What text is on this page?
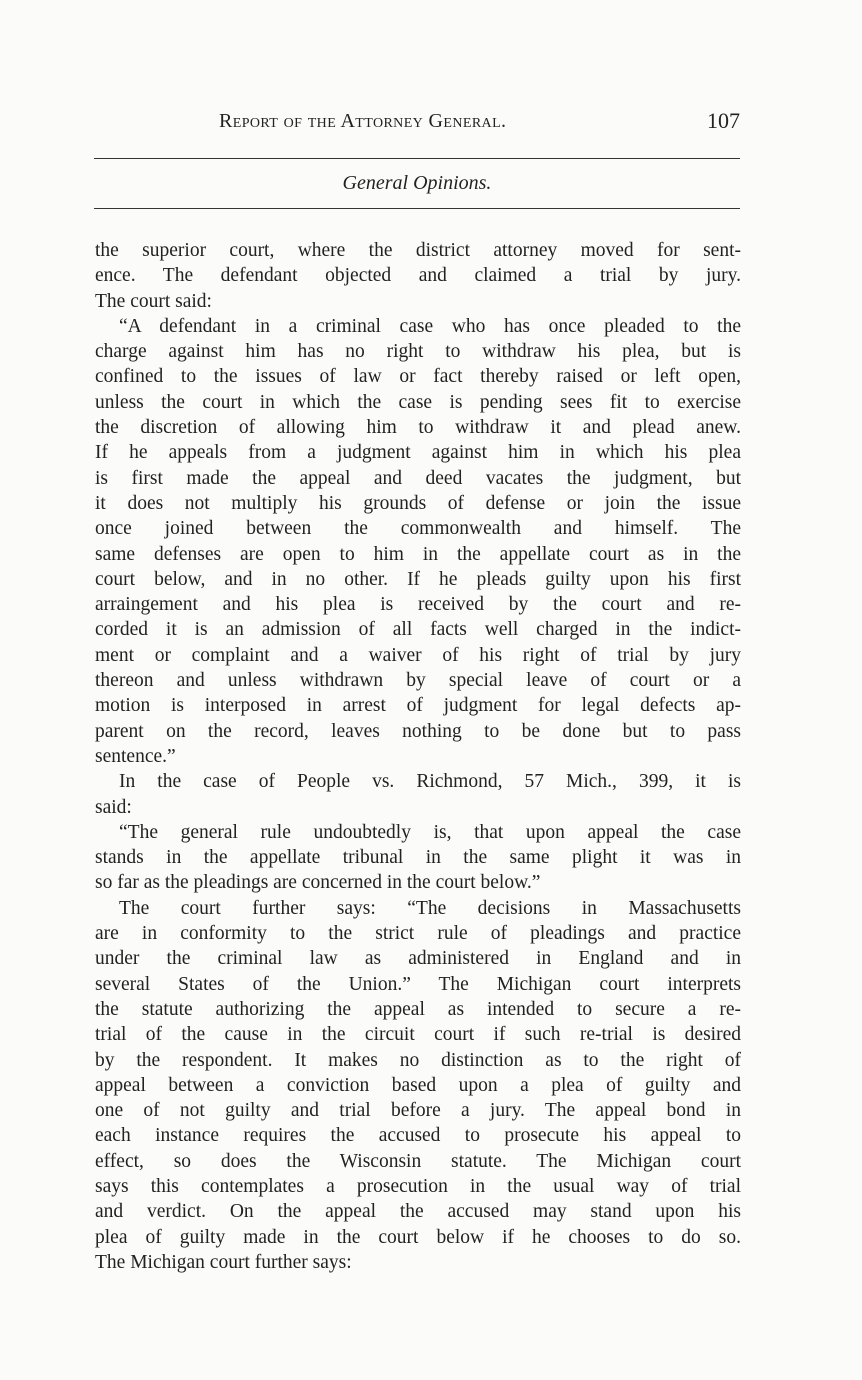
Report of the Attorney General.	107
General Opinions.
the superior court, where the district attorney moved for sent-
ence. The defendant objected and claimed a trial by jury.
The court said:
“A defendant in a criminal case who has once pleaded to the
charge against him has no right to withdraw his plea, but is
confined to the issues of law or fact thereby raised or left open,
unless the court in which the case is pending sees fit to exercise
the discretion of allowing him to withdraw it and plead anew.
If he appeals from a judgment against him in which his plea
is first made the appeal and deed vacates the judgment, but
it does not multiply his grounds of defense or join the issue
once joined between the commonwealth and himself. The
same defenses are open to him in the appellate court as in the
court below, and in no other. If he pleads guilty upon his first
arraingement and his plea is received by the court and re-
corded it is an admission of all facts well charged in the indict-
ment or complaint and a waiver of his right of trial by jury
thereon and unless withdrawn by special leave of court or a
motion is interposed in arrest of judgment for legal defects ap-
parent on the record, leaves nothing to be done but to pass
sentence.”
In the case of People vs. Richmond, 57 Mich., 399, it is
said:
“The general rule undoubtedly is, that upon appeal the case
stands in the appellate tribunal in the same plight it was in
so far as the pleadings are concerned in the court below.”
The court further says: “The decisions in Massachusetts
are in conformity to the strict rule of pleadings and practice
under the criminal law as administered in England and in
several States of the Union.” The Michigan court interprets
the statute authorizing the appeal as intended to secure a re-
trial of the cause in the circuit court if such re-trial is desired
by the respondent. It makes no distinction as to the right of
appeal between a conviction based upon a plea of guilty and
one of not guilty and trial before a jury. The appeal bond in
each instance requires the accused to prosecute his appeal to
effect, so does the Wisconsin statute. The Michigan court
says this contemplates a prosecution in the usual way of trial
and verdict. On the appeal the accused may stand upon his
plea of guilty made in the court below if he chooses to do so.
The Michigan court further says:
